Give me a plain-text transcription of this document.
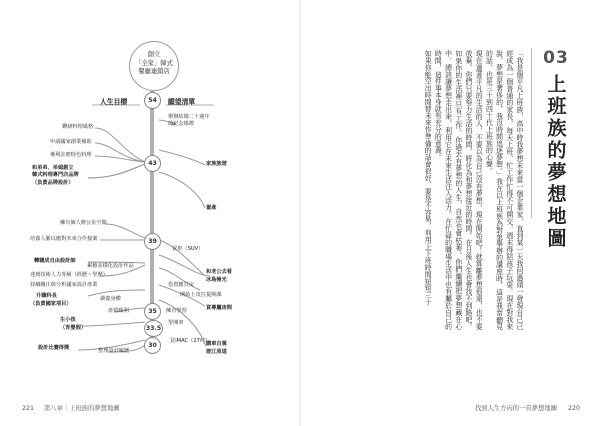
創立
「全家」韓式
餐廳連鎖店
人生目標	願望清單
54
43
39
35
33.5
30
鑽研料理風格
申請國家創業補助
專利註冊特色料理
和弟弟、弟媳創立
韓式料理專門店品牌
（負責品牌設計）
擁有個人辦公室空間
培養人脈以應對未來合作接案
轉職成自由設計師
累積多樣化設計作品
達到技術人力等級（經歷・學歷）
持續關注與分析國家設計產業
升職科長
（負責國家項目）
調養身體
產假順利
生小孩
（育嬰假）
設計比賽得獎	整理設計履歷
舉辦結婚二十週年
的紀念婚禮
家族旅遊
置產
買車（SUV）
和老公去看
冰島極光
伤置寶貝房
開始上皮拉提斯課
擁有學習
學開車
買專屬房間
買iMAC（27吋）
購車自駕
遊江原道
221 第八章｜上班族的夢想地圖
03
上班族的夢想地圖

「我是個平凡上班族，高中時我夢想未來當一個企業家，直到某一天我回過頭一發現自己已經成為一個普通的家長，每天上班、忙工作忙得不可開交，週末得陪孩子玩耍。現在對我來說，夢想是奢侈的，我沒時間追逐夢想。」我在以上班族為對象舉辦的講座時，這是我常聽見的話。也是三十到四十代上班族的心聲。

現在過著平凡的生活的人，不要以為自己沒有夢想，現在開始吧！就算離夢想很遠，也不要放棄。你們只要努力生活的時間，將化為和夢想接近的時間。在日後人生也會找不到路吧。如果你的生活裡只有工作。你過去有夢想的人生，自然也會枯萎。你們繼續把夢想藏在心中，總該讓夢想走出來，利用它在未來生活注入活力。在忙碌的職場生活中也有屬於自己的時間，這件事本身就有充分的意義。

如果你能空出時間替未來作準備的話會很好，要是不容易，利用上下班時間短短三十

找到人生方向的一頁夢想地圖 220
